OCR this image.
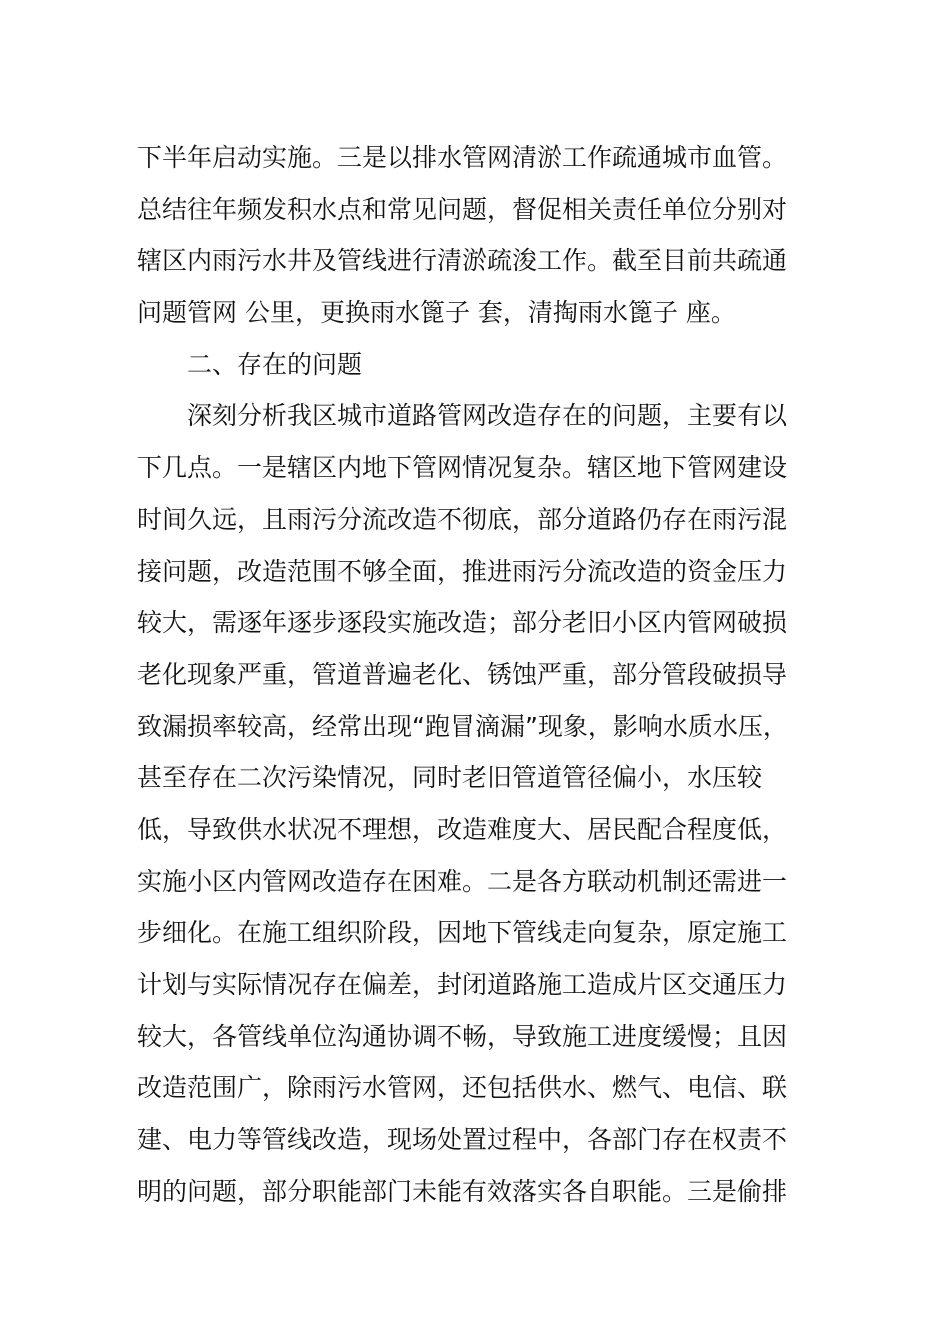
下半年启动实施。三是以排水管网清淤工作疏通城市血管。
总结往年频发积水点和常见问题，督促相关责任单位分别对
辖区内雨污水井及管线进行清淤疏浚工作。截至目前共疏通
问题管网 公里，更换雨水篦子 套，清掏雨水篦子 座。
二、存在的问题
深刻分析我区城市道路管网改造存在的问题，主要有以
下几点。一是辖区内地下管网情况复杂。辖区地下管网建设
时间久远，且雨污分流改造不彻底，部分道路仍存在雨污混
接问题，改造范围不够全面，推进雨污分流改造的资金压力
较大，需逐年逐步逐段实施改造；部分老旧小区内管网破损
老化现象严重，管道普遍老化、锈蚀严重，部分管段破损导
致漏损率较高，经常出现“跑冒滴漏”现象，影响水质水压，
甚至存在二次污染情况，同时老旧管道管径偏小，水压较
低，导致供水状况不理想，改造难度大、居民配合程度低，
实施小区内管网改造存在困难。二是各方联动机制还需进一
步细化。在施工组织阶段，因地下管线走向复杂，原定施工
计划与实际情况存在偏差，封闭道路施工造成片区交通压力
较大，各管线单位沟通协调不畅，导致施工进度缓慢；且因
改造范围广，除雨污水管网，还包括供水、燃气、电信、联
建、电力等管线改造，现场处置过程中，各部门存在权责不
明的问题，部分职能部门未能有效落实各自职能。三是偷排
